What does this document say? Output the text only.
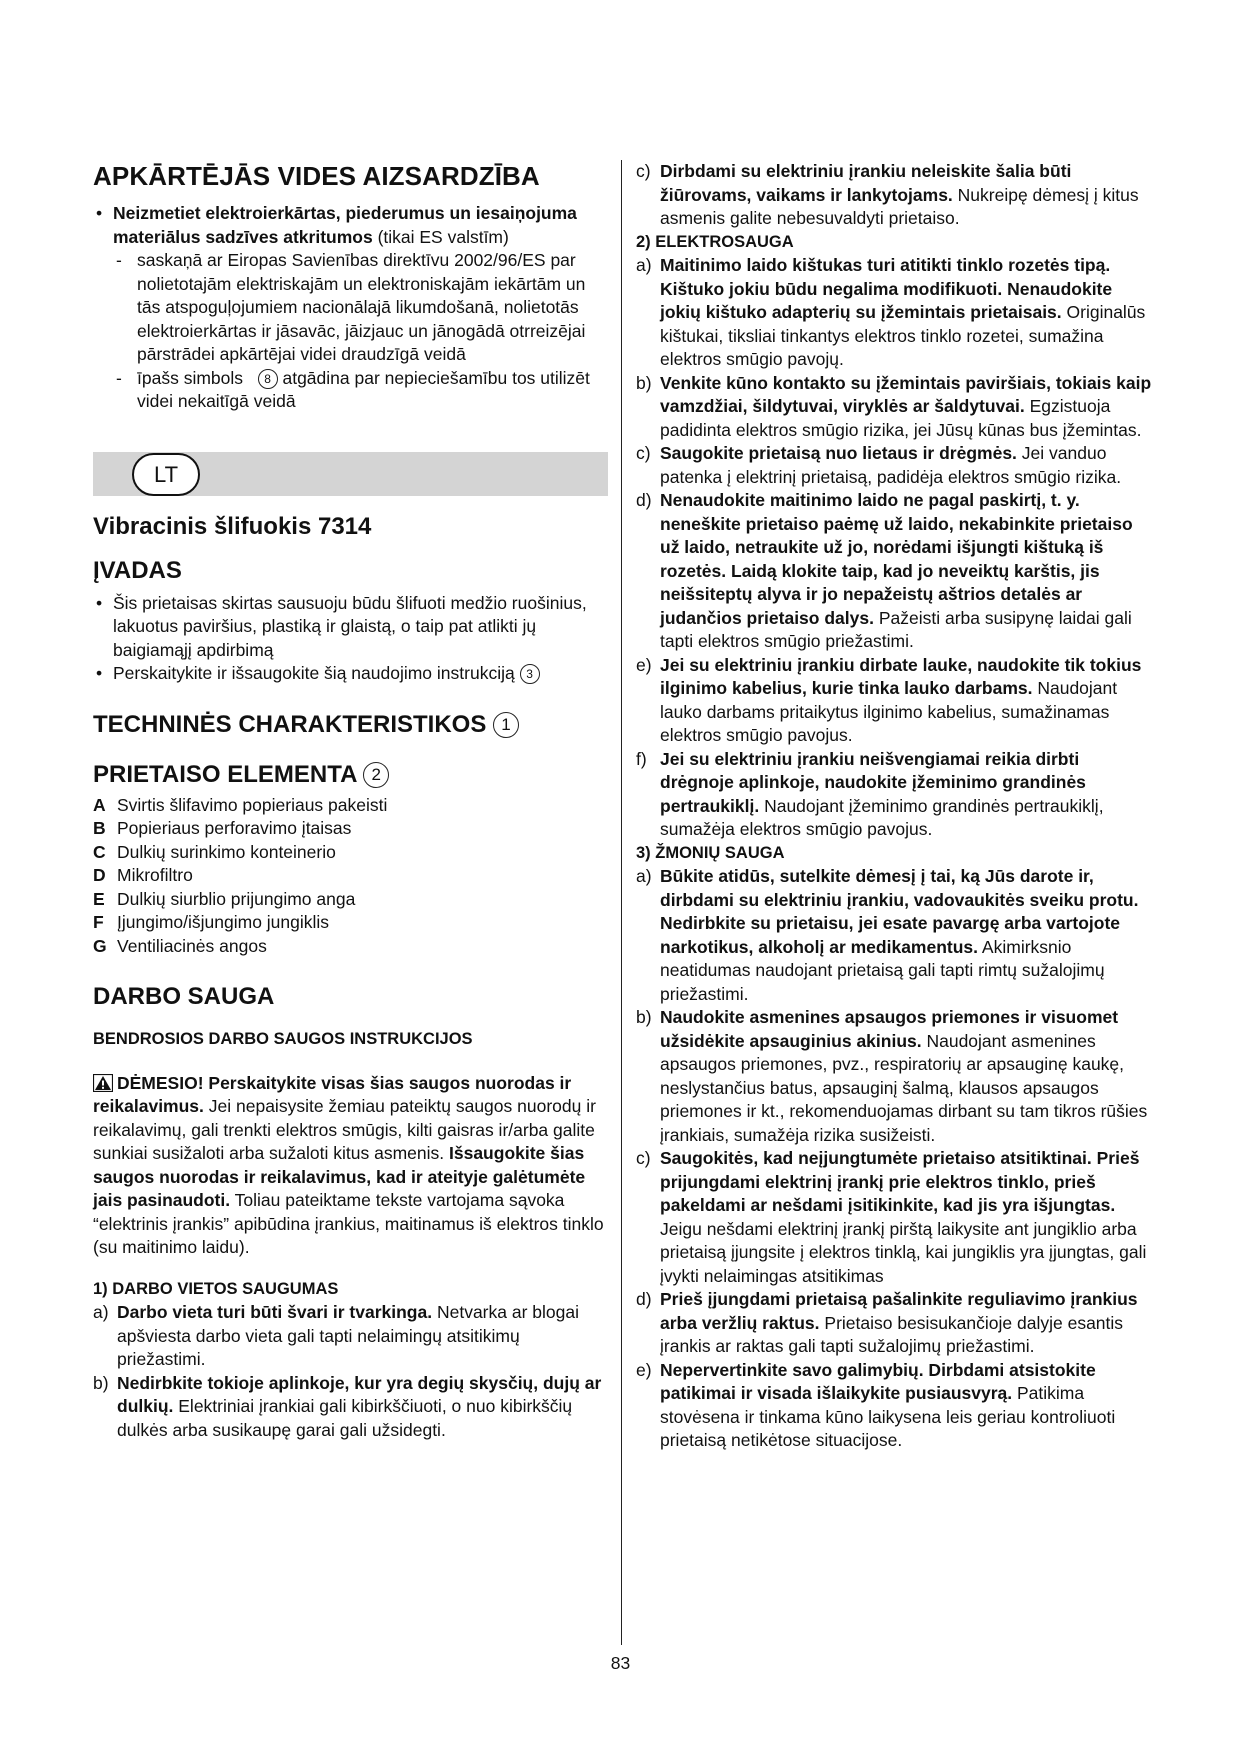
APKĀRTĒJĀS VIDES AIZSARDZĪBA
• Neizmetiet elektroierkārtas, piederumus un iesaiņojuma materiālus sadzīves atkritumos (tikai ES valstīm)
- saskaņā ar Eiropas Savienības direktīvu 2002/96/ES par nolietotajām elektriskajām un elektroniskajām iekārtām un tās atspoguļojumiem nacionālajā likumdošanā, nolietotās elektroierkārtas ir jāsavāc, jāizjauc un jānogādā otrreizējai pārstrādei apkārtējai videi draudzīgā veidā
- īpašs simbols 8 atgādina par nepieciešamību tos utilizēt videi nekaitīgā veidā
LT
Vibracinis šlifuokis 7314
ĮVADAS
• Šis prietaisas skirtas sausuoju būdu šlifuoti medžio ruošinius, lakuotus paviršius, plastiką ir glaistą, o taip pat atlikti jų baigiamąjį apdirbimą
• Perskaitykite ir išsaugokite šią naudojimo instrukciją 3
TECHNINĖS CHARAKTERISTIKOS 1
PRIETAISO ELEMENTA 2
A Svirtis šlifavimo popieriaus pakeisti
B Popieriaus perforavimo įtaisas
C Dulkių surinkimo konteinerio
D Mikrofiltro
E Dulkių siurblio prijungimo anga
F Įjungimo/išjungimo jungiklis
G Ventiliacinės angos
DARBO SAUGA
BENDROSIOS DARBO SAUGOS INSTRUKCIJOS

DĖMESIO! Perskaitykite visas šias saugos nuorodas ir reikalavimus. Jei nepaisysite žemiau pateiktų saugos nuorodų ir reikalavimų, gali trenkti elektros smūgis, kilti gaisras ir/arba galite sunkiai susižaloti arba sužaloti kitus asmenis. Išsaugokite šias saugos nuorodas ir reikalavimus, kad ir ateityje galėtumėte jais pasinaudoti. Toliau pateiktame tekste vartojama sąvoka “elektrinis įrankis” apibūdina įrankius, maitinamus iš elektros tinklo (su maitinimo laidu).

1) DARBO VIETOS SAUGUMAS
a) Darbo vieta turi būti švari ir tvarkinga. Netvarka ar blogai apšviesta darbo vieta gali tapti nelaimingų atsitikimų priežastimi.
b) Nedirbkite tokioje aplinkoje, kur yra degių skysčių, dujų ar dulkių. Elektriniai įrankiai gali kibirkščiuoti, o nuo kibirkščių dulkės arba susikaupę garai gali užsidegti.
c) Dirbdami su elektriniu įrankiu neleiskite šalia būti žiūrovams, vaikams ir lankytojams. Nukreipę dėmesį į kitus asmenis galite nebesuvaldyti prietaiso.
2) ELEKTROSAUGA
a) Maitinimo laido kištukas turi atitikti tinklo rozetės tipą. Kištuko jokiu būdu negalima modifikuoti. Nenaudokite jokių kištuko adapterių su įžemintais prietaisais. Originalūs kištukai, tiksliai tinkantys elektros tinklo rozetei, sumažina elektros smūgio pavojų.
b) Venkite kūno kontakto su įžemintais paviršiais, tokiais kaip vamzdžiai, šildytuvai, viryklės ar šaldytuvai. Egzistuoja padidinta elektros smūgio rizika, jei Jūsų kūnas bus įžemintas.
c) Saugokite prietaisą nuo lietaus ir drėgmės. Jei vanduo patenka į elektrinį prietaisą, padidėja elektros smūgio rizika.
d) Nenaudokite maitinimo laido ne pagal paskirtį, t. y. neneškite prietaiso paėmę už laido, nekabinkite prietaiso už laido, netraukite už jo, norėdami išjungti kištuką iš rozetės. Laidą klokite taip, kad jo neveiktų karštis, jis neišsiteptų alyva ir jo nepažeistų aštrios detalės ar judančios prietaiso dalys. Pažeisti arba susipynę laidai gali tapti elektros smūgio priežastimi.
e) Jei su elektriniu įrankiu dirbate lauke, naudokite tik tokius ilginimo kabelius, kurie tinka lauko darbams. Naudojant lauko darbams pritaikytus ilginimo kabelius, sumažinamas elektros smūgio pavojus.
f) Jei su elektriniu įrankiu neišvengiamai reikia dirbti drėgnoje aplinkoje, naudokite įžeminimo grandinės pertraukiklį. Naudojant įžeminimo grandinės pertraukiklį, sumažėja elektros smūgio pavojus.
3) ŽMONIŲ SAUGA
a) Būkite atidūs, sutelkite dėmesį į tai, ką Jūs darote ir, dirbdami su elektriniu įrankiu, vadovaukitės sveiku protu. Nedirbkite su prietaisu, jei esate pavargę arba vartojote narkotikus, alkoholį ar medikamentus. Akimirksnio neatidumas naudojant prietaisą gali tapti rimtų sužalojimų priežastimi.
b) Naudokite asmenines apsaugos priemones ir visuomet užsidėkite apsauginius akinius. Naudojant asmenines apsaugos priemones, pvz., respiratorių ar apsauginę kaukę, neslystančius batus, apsauginį šalmą, klausos apsaugos priemones ir kt., rekomenduojamas dirbant su tam tikros rūšies įrankiais, sumažėja rizika susižeisti.
c) Saugokitės, kad neįjungtumėte prietaiso atsitiktinai. Prieš prijungdami elektrinį įrankį prie elektros tinklo, prieš pakeldami ar nešdami įsitikinkite, kad jis yra išjungtas. Jeigu nešdami elektrinį įrankį pirštą laikysite ant jungiklio arba prietaisą įjungsite į elektros tinklą, kai jungiklis yra įjungtas, gali įvykti nelaimingas atsitikimas
d) Prieš įjungdami prietaisą pašalinkite reguliavimo įrankius arba veržlių raktus. Prietaiso besisukančioje dalyje esantis įrankis ar raktas gali tapti sužalojimų priežastimi.
e) Nepervertinkite savo galimybių. Dirbdami atsistokite patikimai ir visada išlaikykite pusiausvyrą. Patikima stovėsena ir tinkama kūno laikysena leis geriau kontroliuoti prietaisą netikėtose situacijose.
83
